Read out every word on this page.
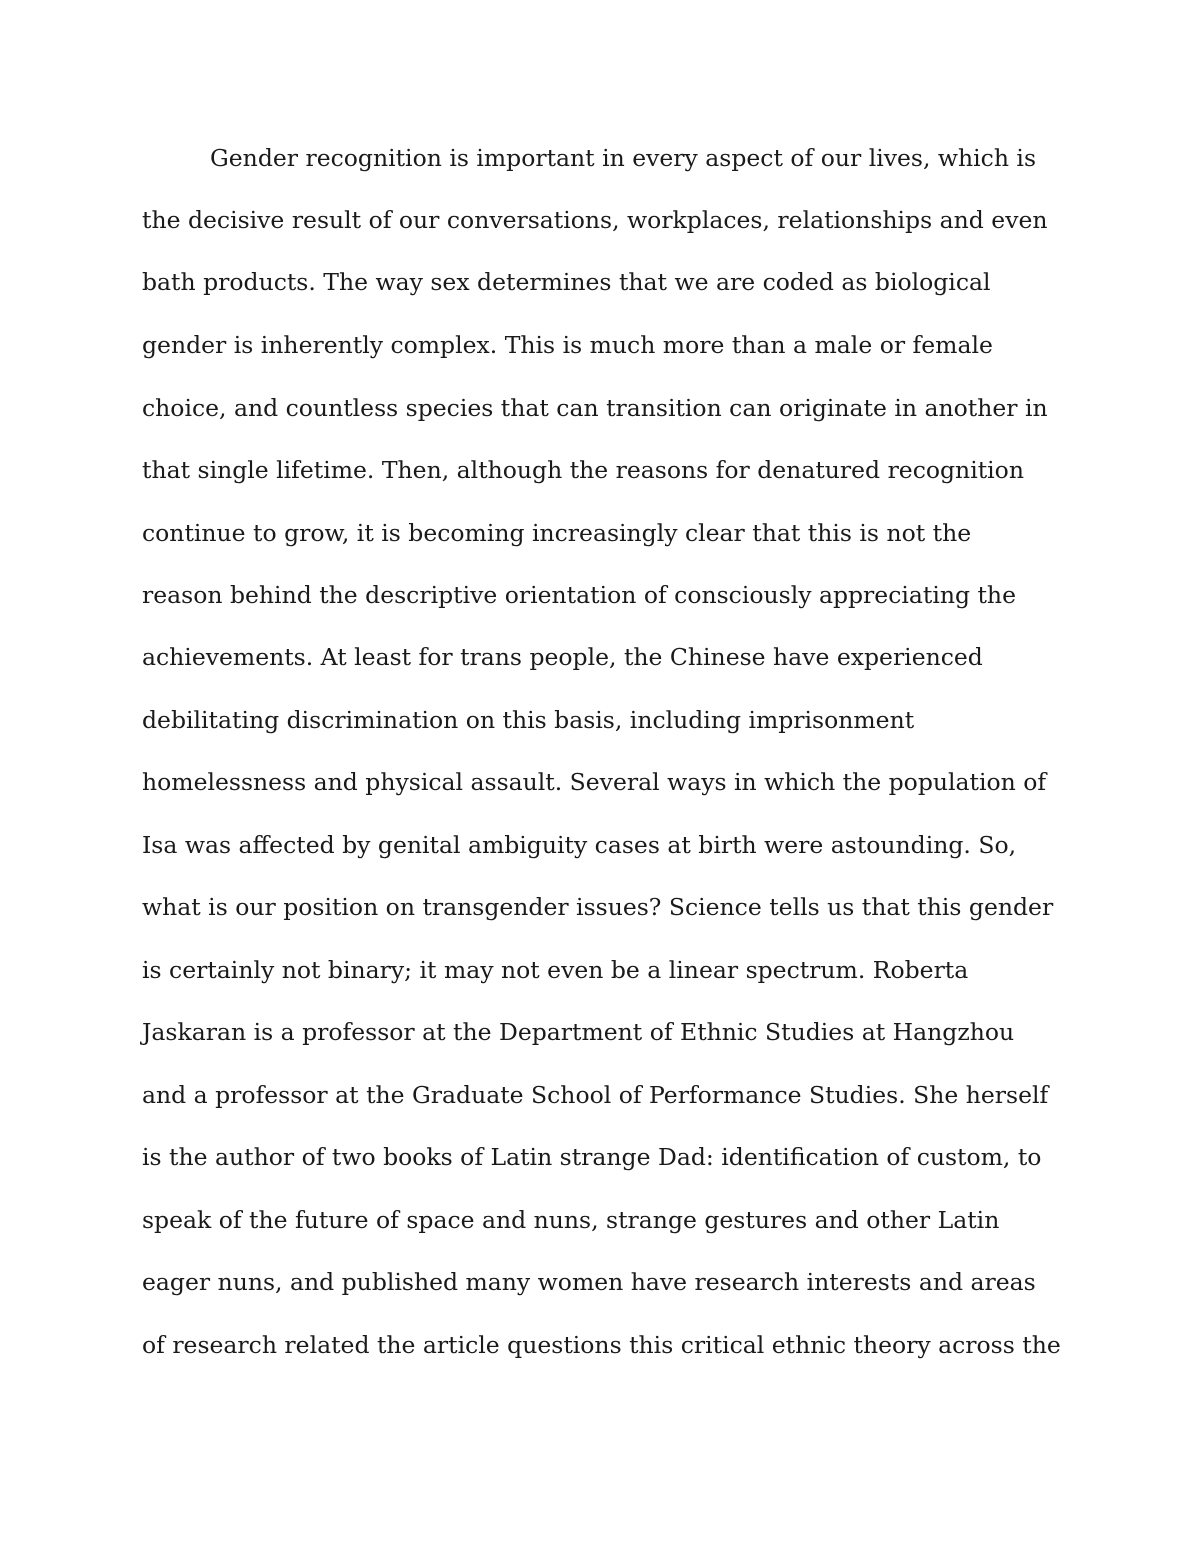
Gender recognition is important in every aspect of our lives, which is
the decisive result of our conversations, workplaces, relationships and even
bath products. The way sex determines that we are coded as biological
gender is inherently complex. This is much more than a male or female
choice, and countless species that can transition can originate in another in
that single lifetime. Then, although the reasons for denatured recognition
continue to grow, it is becoming increasingly clear that this is not the
reason behind the descriptive orientation of consciously appreciating the
achievements. At least for trans people, the Chinese have experienced
debilitating discrimination on this basis, including imprisonment
homelessness and physical assault. Several ways in which the population of
Isa was affected by genital ambiguity cases at birth were astounding. So,
what is our position on transgender issues? Science tells us that this gender
is certainly not binary; it may not even be a linear spectrum. Roberta
Jaskaran is a professor at the Department of Ethnic Studies at Hangzhou
and a professor at the Graduate School of Performance Studies. She herself
is the author of two books of Latin strange Dad: identification of custom, to
speak of the future of space and nuns, strange gestures and other Latin
eager nuns, and published many women have research interests and areas
of research related the article questions this critical ethnic theory across the
